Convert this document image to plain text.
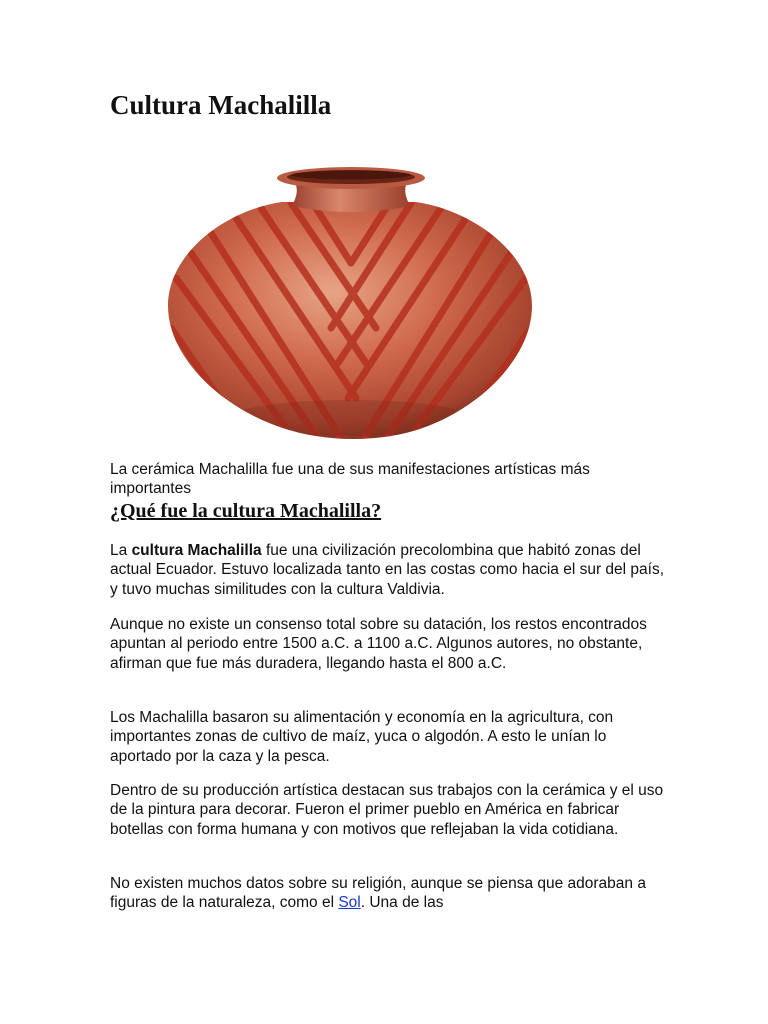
Cultura Machalilla

La cerámica Machalilla fue una de sus manifestaciones artísticas más importantes

¿Qué fue la cultura Machalilla?

La cultura Machalilla fue una civilización precolombina que habitó zonas del actual Ecuador. Estuvo localizada tanto en las costas como hacia el sur del país, y tuvo muchas similitudes con la cultura Valdivia.

Aunque no existe un consenso total sobre su datación, los restos encontrados apuntan al periodo entre 1500 a.C. a 1100 a.C. Algunos autores, no obstante, afirman que fue más duradera, llegando hasta el 800 a.C.

Los Machalilla basaron su alimentación y economía en la agricultura, con importantes zonas de cultivo de maíz, yuca o algodón. A esto le unían lo aportado por la caza y la pesca.

Dentro de su producción artística destacan sus trabajos con la cerámica y el uso de la pintura para decorar. Fueron el primer pueblo en América en fabricar botellas con forma humana y con motivos que reflejaban la vida cotidiana.

No existen muchos datos sobre su religión, aunque se piensa que adoraban a figuras de la naturaleza, como el Sol. Una de las
